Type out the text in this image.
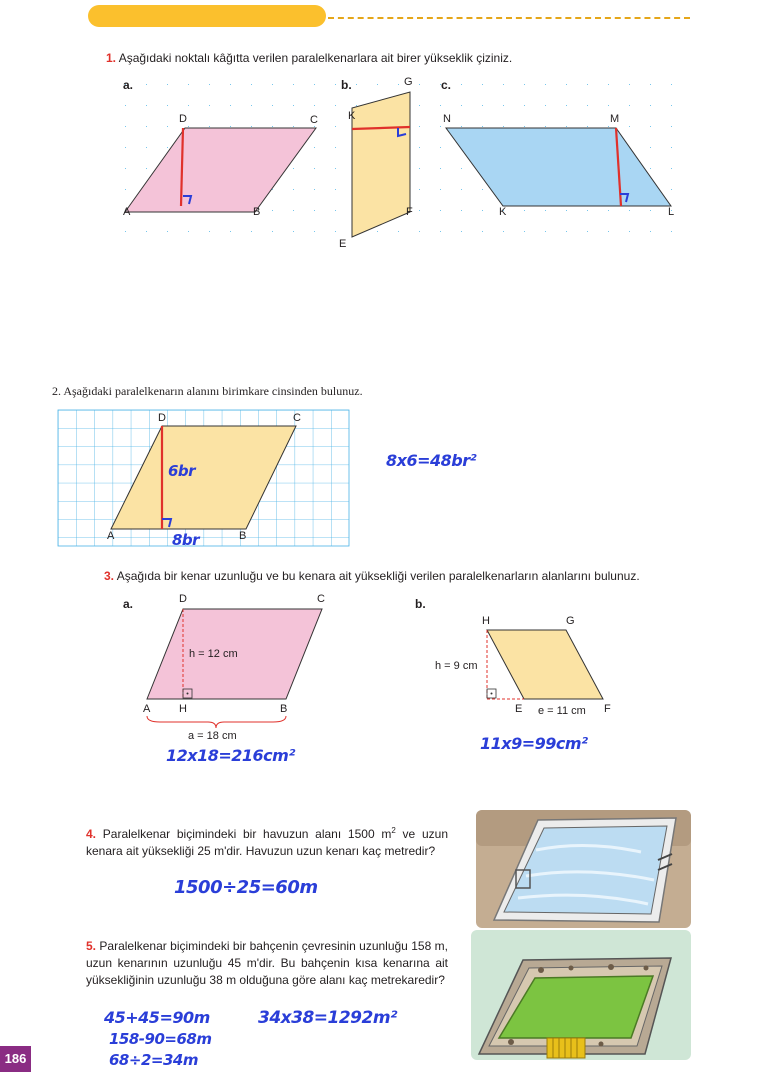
1. Aşağıdaki noktalı kâğıtta verilen paralelkenarlara ait birer yükseklik çiziniz.
a.
D	C
A	B
b.	G
K
F
E
c.
N	M
K	L
2. Aşağıdaki paralelkenarın alanını birimkare cinsinden bulunuz.
D	C
A	B
6br
8br
8x6=48br²
3. Aşağıda bir kenar uzunluğu ve bu kenara ait yüksekliği verilen paralelkenarların alanlarını bulunuz.
a.	D	C
A	H	B
h = 12 cm
a = 18 cm
12x18=216cm²
b.
H	G
h = 9 cm
E e = 11 cm F
11x9=99cm²
4. Paralelkenar biçimindeki bir havuzun alanı 1500 $m^2$ ve uzun kenara ait yüksekliği 25 m'dir. Havuzun uzun kenarı kaç metredir?
1500÷25=60m
5. Paralelkenar biçimindeki bir bahçenin çevresinin uzunluğu 158 m, uzun kenarının uzunluğu 45 m'dir. Bu bahçenin kısa kenarına ait yüksekliğinin uzunluğu 38 m olduğuna göre alanı kaç metrekaredir?
45+45=90m
158-90=68m
68÷2=34m
34x38=1292m²
186
